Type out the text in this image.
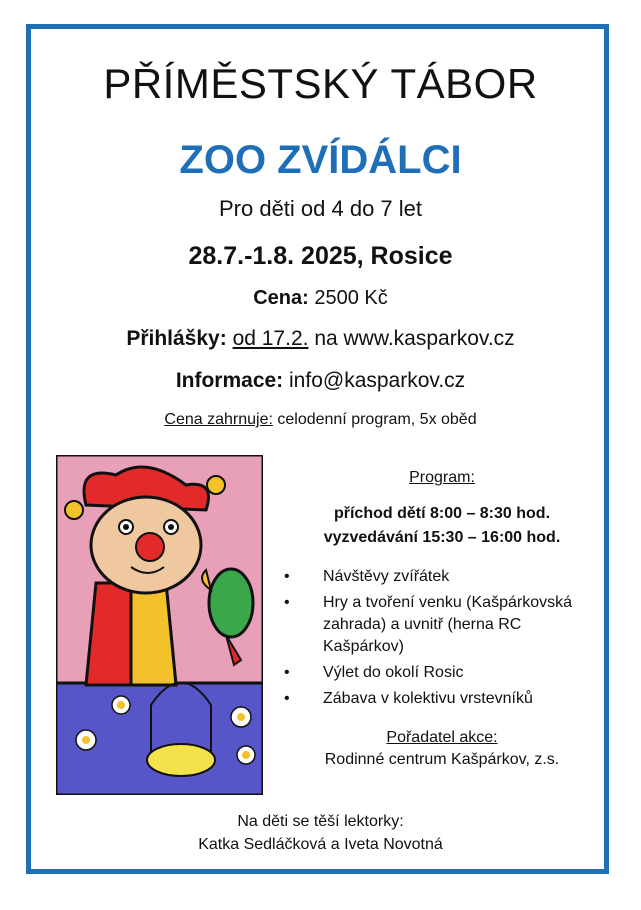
PŘÍMĚSTSKÝ TÁBOR
ZOO ZVÍDÁLCI
Pro děti od 4 do 7 let
28.7.-1.8. 2025, Rosice
Cena: 2500 Kč
Přihlášky: od 17.2. na www.kasparkov.cz
Informace: info@kasparkov.cz
Cena zahrnuje: celodenní program, 5x oběd
Program:
příchod dětí 8:00 – 8:30 hod.
vyzvedávání 15:30 – 16:00 hod.
• Návštěvy zvířátek
• Hry a tvoření venku (Kašpárkovská
zahrada) a uvnitř (herna RC Kašpárkov)
• Výlet do okolí Rosic
• Zábava v kolektivu vrstevníků
Pořadatel akce:
Rodinné centrum Kašpárkov, z.s.
Na děti se těší lektorky:
Katka Sedláčková a Iveta Novotná
